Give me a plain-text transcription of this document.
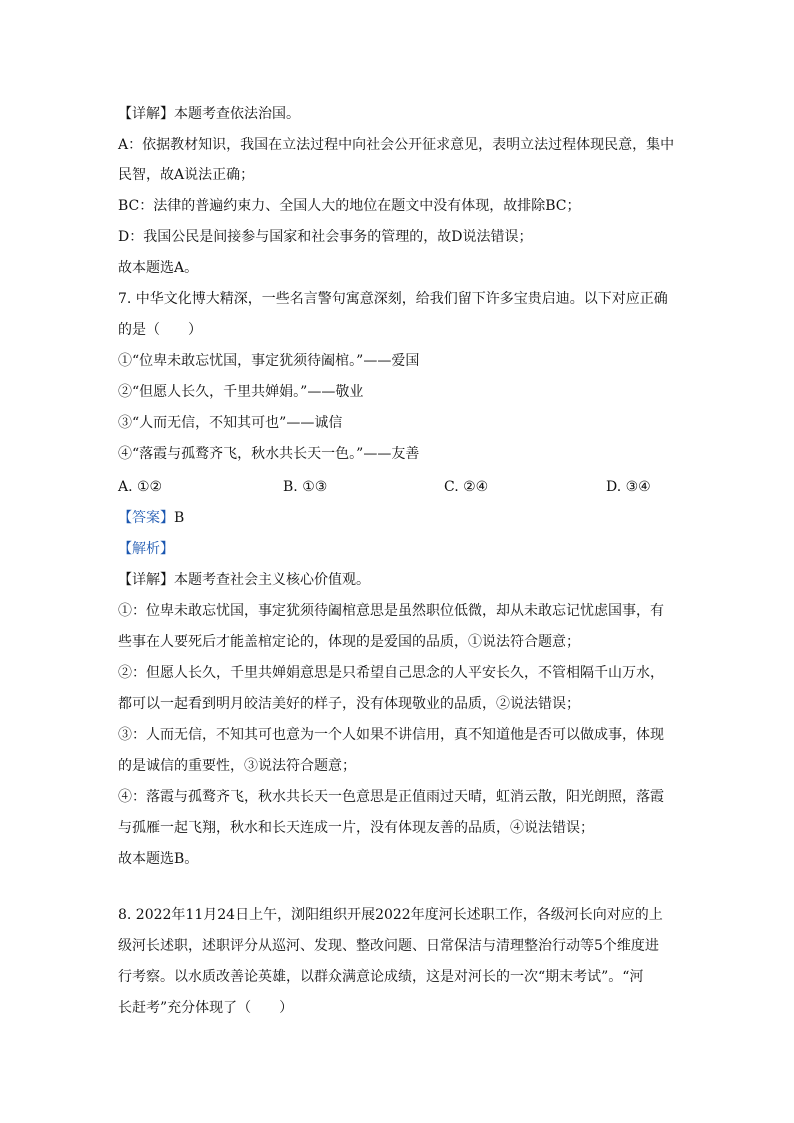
【详解】本题考查依法治国。
A：依据教材知识，我国在立法过程中向社会公开征求意见，表明立法过程体现民意，集中
民智，故A说法正确；
BC：法律的普遍约束力、全国人大的地位在题文中没有体现，故排除BC；
D：我国公民是间接参与国家和社会事务的管理的，故D说法错误；
故本题选A。
7. 中华文化博大精深，一些名言警句寓意深刻，给我们留下许多宝贵启迪。以下对应正确
的是（　　）
①“位卑未敢忘忧国，事定犹须待阖棺。”——爱国
②“但愿人长久，千里共婵娟。”——敬业
③“人而无信，不知其可也”——诚信
④“落霞与孤鹜齐飞，秋水共长天一色。”——友善
A. ①②	B. ①③	C. ②④	D. ③④
【答案】B
【解析】
【详解】本题考查社会主义核心价值观。
①：位卑未敢忘忧国，事定犹须待阖棺意思是虽然职位低微，却从未敢忘记忧虑国事，有
些事在人要死后才能盖棺定论的，体现的是爱国的品质，①说法符合题意；
②：但愿人长久，千里共婵娟意思是只希望自己思念的人平安长久，不管相隔千山万水，
都可以一起看到明月皎洁美好的样子，没有体现敬业的品质，②说法错误；
③：人而无信，不知其可也意为一个人如果不讲信用，真不知道他是否可以做成事，体现
的是诚信的重要性，③说法符合题意；
④：落霞与孤鹜齐飞，秋水共长天一色意思是正值雨过天晴，虹消云散，阳光朗照，落霞
与孤雁一起飞翔，秋水和长天连成一片，没有体现友善的品质，④说法错误；
故本题选B。
8. 2022年11月24日上午，浏阳组织开展2022年度河长述职工作，各级河长向对应的上
级河长述职，述职评分从巡河、发现、整改问题、日常保洁与清理整治行动等5个维度进
行考察。以水质改善论英雄，以群众满意论成绩，这是对河长的一次“期末考试”。“河
长赶考”充分体现了（　　）
